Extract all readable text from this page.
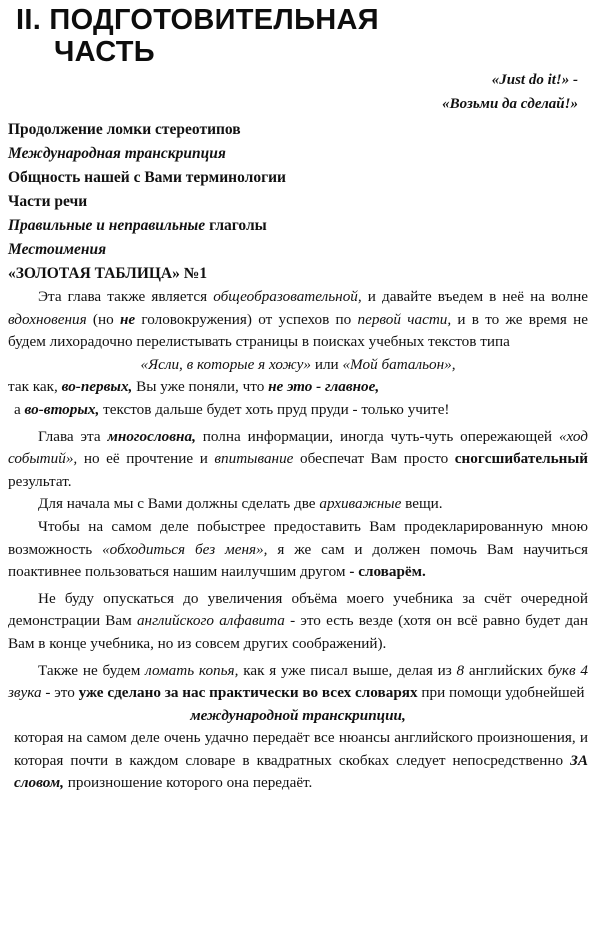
II. ПОДГОТОВИТЕЛЬНАЯ
ЧАСТЬ
«Just do it!» -
«Возьми да сделай!»
Продолжение ломки стереотипов
Международная транскрипция
Общность нашей с Вами терминологии
Части речи
Правильные и неправильные глаголы
Местоимения
«ЗОЛОТАЯ ТАБЛИЦА» №1

Эта глава также является общеобразовательной, и давайте въедем в неё на волне вдохновения (но не головокружения) от успехов по первой части, и в то же время не будем лихорадочно перелистывать страницы в поисках учебных текстов типа

«Ясли, в которые я хожу» или «Мой батальон»,

так как, во-первых, Вы уже поняли, что не это - главное,

а во-вторых, текстов дальше будет хоть пруд пруди - только учите!

Глава эта многословна, полна информации, иногда чуть-чуть опережающей «ход событий», но её прочтение и впитывание обеспечат Вам просто сногсшибательный результат.

Для начала мы с Вами должны сделать две архиважные вещи.

Чтобы на самом деле побыстрее предоставить Вам продекларированную мною возможность «обходиться без меня», я же сам и должен помочь Вам научиться поактивнее пользоваться нашим наилучшим другом - словарём.

Не буду опускаться до увеличения объёма моего учебника за счёт очередной демонстрации Вам английского алфавита - это есть везде (хотя он всё равно будет дан Вам в конце учебника, но из совсем других соображений).

Также не будем ломать копья, как я уже писал выше, делая из 8 английских букв 4 звука - это уже сделано за нас практически во всех словарях при помощи удобнейшей

международной транскрипции,

которая на самом деле очень удачно передаёт все нюансы английского произношения, и которая почти в каждом словаре в квадратных скобках следует непосредственно ЗА словом, произношение которого она передаёт.
